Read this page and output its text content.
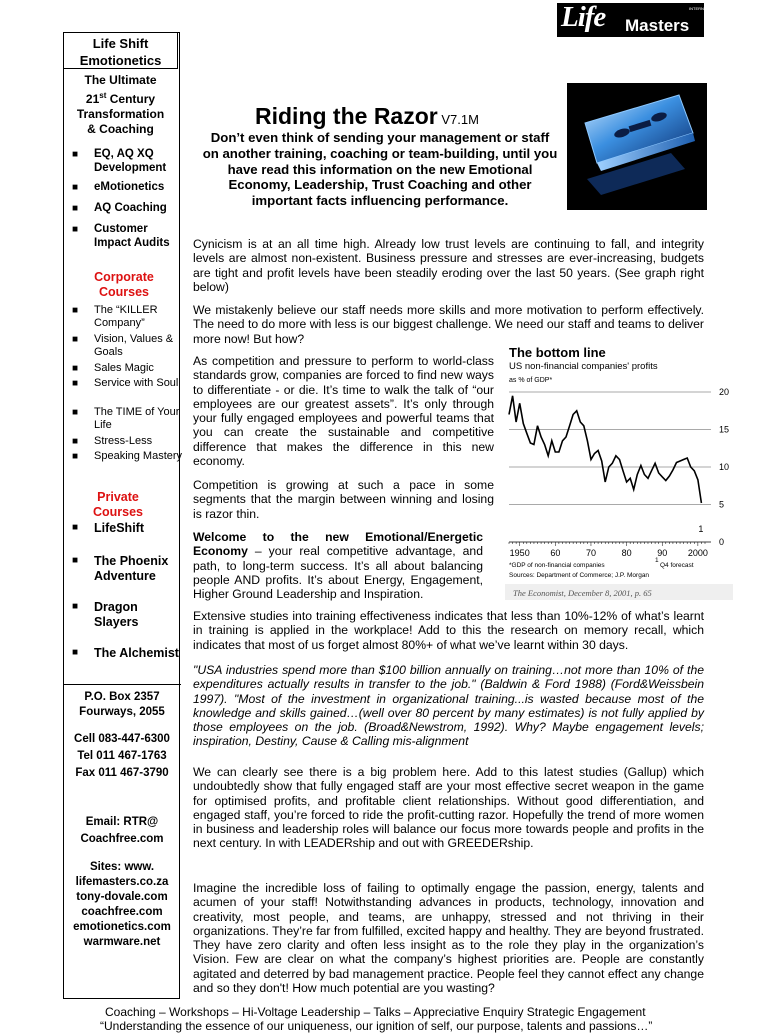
Life Masters
INTERNATIONAL
Life Shift
Emotionetics
The Ultimate
21st Century
Transformation
& Coaching
■ EQ, AQ XQ Development
■ eMotionetics
■ AQ Coaching
■ Customer Impact Audits
Corporate
Courses
■ The “KILLER Company”
■ Vision, Values & Goals
■ Sales Magic
■ Service with Soul
■ The TIME of Your Life
■ Stress-Less
■ Speaking Mastery
Private
Courses
■ LifeShift
■ The Phoenix Adventure
■ Dragon Slayers
■ The Alchemist
P.O. Box 2357
Fourways, 2055
Cell 083-447-6300
Tel 011 467-1763
Fax 011 467-3790
Email: RTR@
Coachfree.com
Sites: www.
lifemasters.co.za
tony-dovale.com
coachfree.com
emotionetics.com
warmware.net
Riding the Razor V7.1M
Don’t even think of sending your management or staff on another training, coaching or team-building, until you have read this information on the new Emotional Economy, Leadership, Trust Coaching and other important facts influencing performance.
Cynicism is at an all time high. Already low trust levels are continuing to fall, and integrity levels are almost non-existent. Business pressure and stresses are ever-increasing, budgets are tight and profit levels have been steadily eroding over the last 50 years. (See graph right below)
We mistakenly believe our staff needs more skills and more motivation to perform effectively. The need to do more with less is our biggest challenge. We need our staff and teams to deliver more now! But how?
As competition and pressure to perform to world-class standards grow, companies are forced to find new ways to differentiate - or die. It’s time to walk the talk of “our employees are our greatest assets”. It’s only through your fully engaged employees and powerful teams that you can create the sustainable and competitive difference that makes the difference in this new economy.
Competition is growing at such a pace in some segments that the margin between winning and losing is razor thin.
Welcome to the new Emotional/Energetic Economy – your real competitive advantage, and path, to long-term success. It’s all about balancing people AND profits. It’s about Energy, Engagement, Higher Ground Leadership and Inspiration.
Extensive studies into training effectiveness indicates that less than 10%-12% of what’s learnt in training is applied in the workplace! Add to this the research on memory recall, which indicates that most of us forget almost 80%+ of what we’ve learnt within 30 days.
"USA industries spend more than $100 billion annually on training…not more than 10% of the expenditures actually results in transfer to the job." (Baldwin & Ford 1988) (Ford&Weissbein 1997). "Most of the investment in organizational training...is wasted because most of the knowledge and skills gained…(well over 80 percent by many estimates) is not fully applied by those employees on the job. (Broad&Newstrom, 1992). Why? Maybe engagement levels; inspiration, Destiny, Cause & Calling mis-alignment
We can clearly see there is a big problem here. Add to this latest studies (Gallup) which undoubtedly show that fully engaged staff are your most effective secret weapon in the game for optimised profits, and profitable client relationships. Without good differentiation, and engaged staff, you’re forced to ride the profit-cutting razor. Hopefully the trend of more women in business and leadership roles will balance our focus more towards people and profits in the next century. In with LEADERship and out with GREEDERship.
Imagine the incredible loss of failing to optimally engage the passion, energy, talents and acumen of your staff! Notwithstanding advances in products, technology, innovation and creativity, most people, and teams, are unhappy, stressed and not thriving in their organizations. They’re far from fulfilled, excited happy and healthy. They are beyond frustrated. They have zero clarity and often less insight as to the role they play in the organization’s Vision. Few are clear on what the company’s highest priorities are. People are constantly agitated and deterred by bad management practice. People feel they cannot effect any change and so they don't! How much potential are you wasting?
The bottom line
US non-financial companies' profits
as % of GDP*
0
5
10
15
20
1950 60	70	80	90 2000
1
*GDP of non-financial companies
1
Q4 forecast
Sources: Department of Commerce; J.P. Morgan
The Economist, December 8, 2001, p. 65
Coaching – Workshops – Hi-Voltage Leadership – Talks – Appreciative Enquiry Strategic Engagement
“Understanding the essence of our uniqueness, our ignition of self, our purpose, talents and passions…”
